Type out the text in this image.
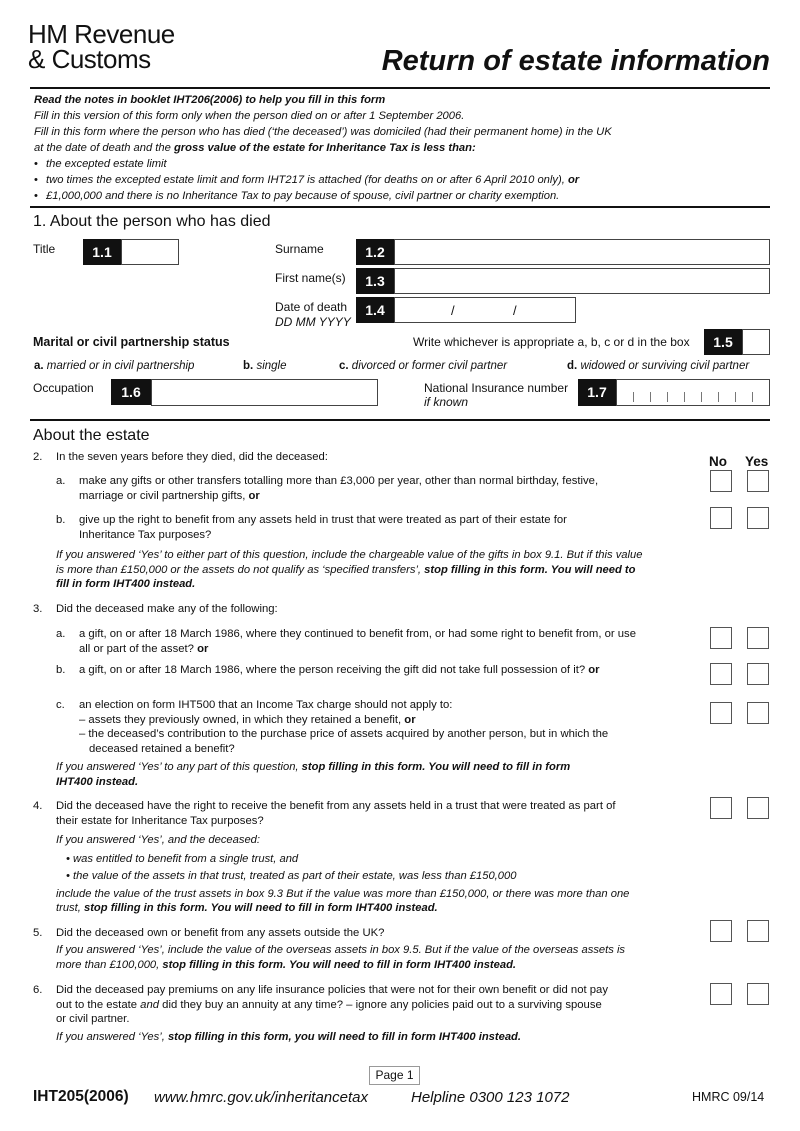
HM Revenue
& Customs	Return of estate information
Read the notes in booklet IHT206(2006) to help you fill in this form
Fill in this version of this form only when the person died on or after 1 September 2006.
Fill in this form where the person who has died (‘the deceased’) was domiciled (had their permanent home) in the UK
at the date of death and the gross value of the estate for Inheritance Tax is less than:
• the excepted estate limit
• two times the excepted estate limit and form IHT217 is attached (for deaths on or after 6 April 2010 only), or
• £1,000,000 and there is no Inheritance Tax to pay because of spouse, civil partner or charity exemption.
1. About the person who has died
Title	1.1	Surname	1.2
First name(s)	1.3
Date of death
DD MM YYYY
1.4	/	/
Marital or civil partnership status	Write whichever is appropriate a, b, c or d in the box	1.5
a. married or in civil partnership	b. single	c. divorced or former civil partner	d. widowed or surviving civil partner
Occupation	1.6	National Insurance number
if known
1.7
About the estate
No Yes
2. In the seven years before they died, did the deceased:
a. make any gifts or other transfers totalling more than £3,000 per year, other than normal birthday, festive,
marriage or civil partnership gifts, or
b. give up the right to benefit from any assets held in trust that were treated as part of their estate for
Inheritance Tax purposes?
If you answered ‘Yes’ to either part of this question, include the chargeable value of the gifts in box 9.1. But if this value
is more than £150,000 or the assets do not qualify as ‘specified transfers’, stop filling in this form. You will need to
fill in form IHT400 instead.
3. Did the deceased make any of the following:
a. a gift, on or after 18 March 1986, where they continued to benefit from, or had some right to benefit from, or use
all or part of the asset? or
b. a gift, on or after 18 March 1986, where the person receiving the gift did not take full possession of it? or
c. an election on form IHT500 that an Income Tax charge should not apply to:
– assets they previously owned, in which they retained a benefit, or
– the deceased’s contribution to the purchase price of assets acquired by another person, but in which the
deceased retained a benefit?
If you answered ‘Yes’ to any part of this question, stop filling in this form. You will need to fill in form
IHT400 instead.
4. Did the deceased have the right to receive the benefit from any assets held in a trust that were treated as part of
their estate for Inheritance Tax purposes?
If you answered ‘Yes’, and the deceased:
• was entitled to benefit from a single trust, and
• the value of the assets in that trust, treated as part of their estate, was less than £150,000
include the value of the trust assets in box 9.3 But if the value was more than £150,000, or there was more than one
trust, stop filling in this form. You will need to fill in form IHT400 instead.
5. Did the deceased own or benefit from any assets outside the UK?
If you answered ‘Yes’, include the value of the overseas assets in box 9.5. But if the value of the overseas assets is
more than £100,000, stop filling in this form. You will need to fill in form IHT400 instead.
6. Did the deceased pay premiums on any life insurance policies that were not for their own benefit or did not pay
out to the estate and did they buy an annuity at any time? – ignore any policies paid out to a surviving spouse
or civil partner.
If you answered ‘Yes’, stop filling in this form, you will need to fill in form IHT400 instead.
Page 1
IHT205(2006) www.hmrc.gov.uk/inheritancetax	Helpline 0300 123 1072	HMRC 09/14
